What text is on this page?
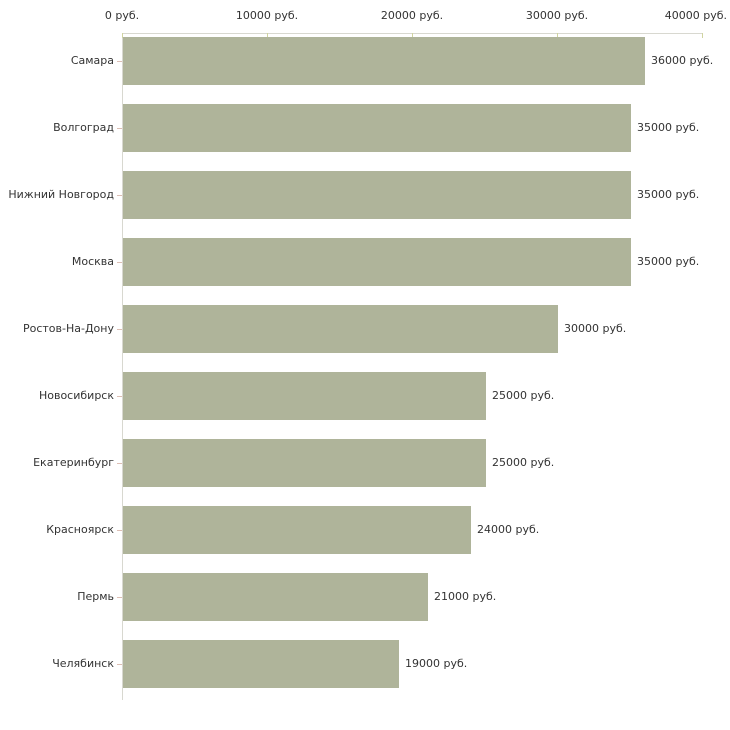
0 руб.	10000 руб.	20000 руб.	30000 руб.	40000 руб.
Самара	36000 руб.
Волгоград	35000 руб.
Нижний Новгород	35000 руб.
Москва	35000 руб.
Ростов-На-Дону	30000 руб.
Новосибирск	25000 руб.
Екатеринбург	25000 руб.
Красноярск	24000 руб.
Пермь	21000 руб.
Челябинск	19000 руб.
